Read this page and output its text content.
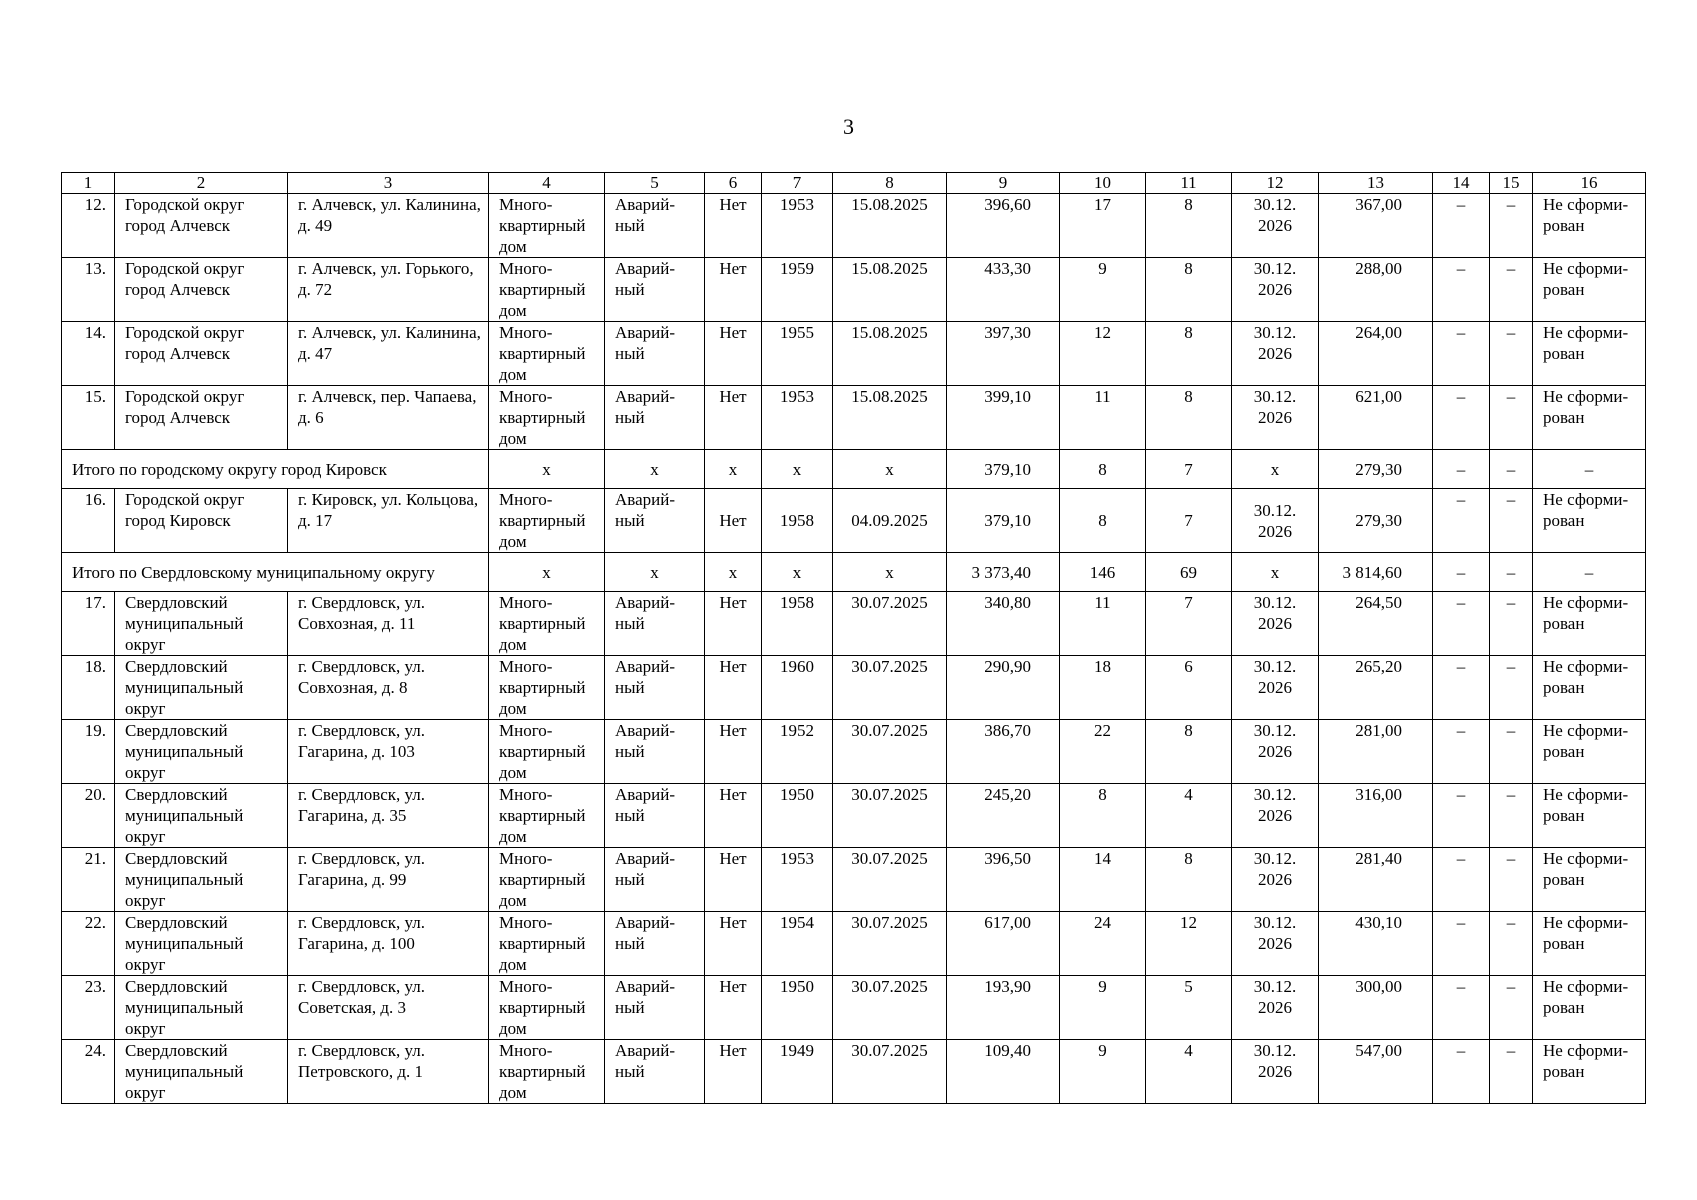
3
1	2	3	4	5	6	7	8	9	10	11	12	13	14	15	16
12.	Городской округ город Алчевск	г. Алчевск, ул. Калинина, д. 49	Много-квартирный дом	Аварий-ный	Нет	1953	15.08.2025	396,60	17	8	30.12. 2026	367,00	–	–	Не сформи-рован
13.	Городской округ город Алчевск	г. Алчевск, ул. Горького, д. 72	Много-квартирный дом	Аварий-ный	Нет	1959	15.08.2025	433,30	9	8	30.12. 2026	288,00	–	–	Не сформи-рован
14.	Городской округ город Алчевск	г. Алчевск, ул. Калинина, д. 47	Много-квартирный дом	Аварий-ный	Нет	1955	15.08.2025	397,30	12	8	30.12. 2026	264,00	–	–	Не сформи-рован
15.	Городской округ город Алчевск	г. Алчевск, пер. Чапаева, д. 6	Много-квартирный дом	Аварий-ный	Нет	1953	15.08.2025	399,10	11	8	30.12. 2026	621,00	–	–	Не сформи-рован
Итого по городскому округу город Кировск			х	х	х	х	х	379,10	8	7	х	279,30	–	–	–
16.	Городской округ город Кировск	г. Кировск, ул. Кольцова, д. 17	Много-квартирный дом	Аварий-ный	Нет	1958	04.09.2025	379,10	8	7	30.12. 2026	279,30	–	–	Не сформи-рован
Итого по Свердловскому муниципальному округу			х	х	х	х	х	3 373,40	146	69	х	3 814,60	–	–	–
17.	Свердловский муниципальный округ	г. Свердловск, ул. Совхозная, д. 11	Много-квартирный дом	Аварий-ный	Нет	1958	30.07.2025	340,80	11	7	30.12. 2026	264,50	–	–	Не сформи-рован
18.	Свердловский муниципальный округ	г. Свердловск, ул. Совхозная, д. 8	Много-квартирный дом	Аварий-ный	Нет	1960	30.07.2025	290,90	18	6	30.12. 2026	265,20	–	–	Не сформи-рован
19.	Свердловский муниципальный округ	г. Свердловск, ул. Гагарина, д. 103	Много-квартирный дом	Аварий-ный	Нет	1952	30.07.2025	386,70	22	8	30.12. 2026	281,00	–	–	Не сформи-рован
20.	Свердловский муниципальный округ	г. Свердловск, ул. Гагарина, д. 35	Много-квартирный дом	Аварий-ный	Нет	1950	30.07.2025	245,20	8	4	30.12. 2026	316,00	–	–	Не сформи-рован
21.	Свердловский муниципальный округ	г. Свердловск, ул. Гагарина, д. 99	Много-квартирный дом	Аварий-ный	Нет	1953	30.07.2025	396,50	14	8	30.12. 2026	281,40	–	–	Не сформи-рован
22.	Свердловский муниципальный округ	г. Свердловск, ул. Гагарина, д. 100	Много-квартирный дом	Аварий-ный	Нет	1954	30.07.2025	617,00	24	12	30.12. 2026	430,10	–	–	Не сформи-рован
23.	Свердловский муниципальный округ	г. Свердловск, ул. Советская, д. 3	Много-квартирный дом	Аварий-ный	Нет	1950	30.07.2025	193,90	9	5	30.12. 2026	300,00	–	–	Не сформи-рован
24.	Свердловский муниципальный округ	г. Свердловск, ул. Петровского, д. 1	Много-квартирный дом	Аварий-ный	Нет	1949	30.07.2025	109,40	9	4	30.12. 2026	547,00	–	–	Не сформи-рован
